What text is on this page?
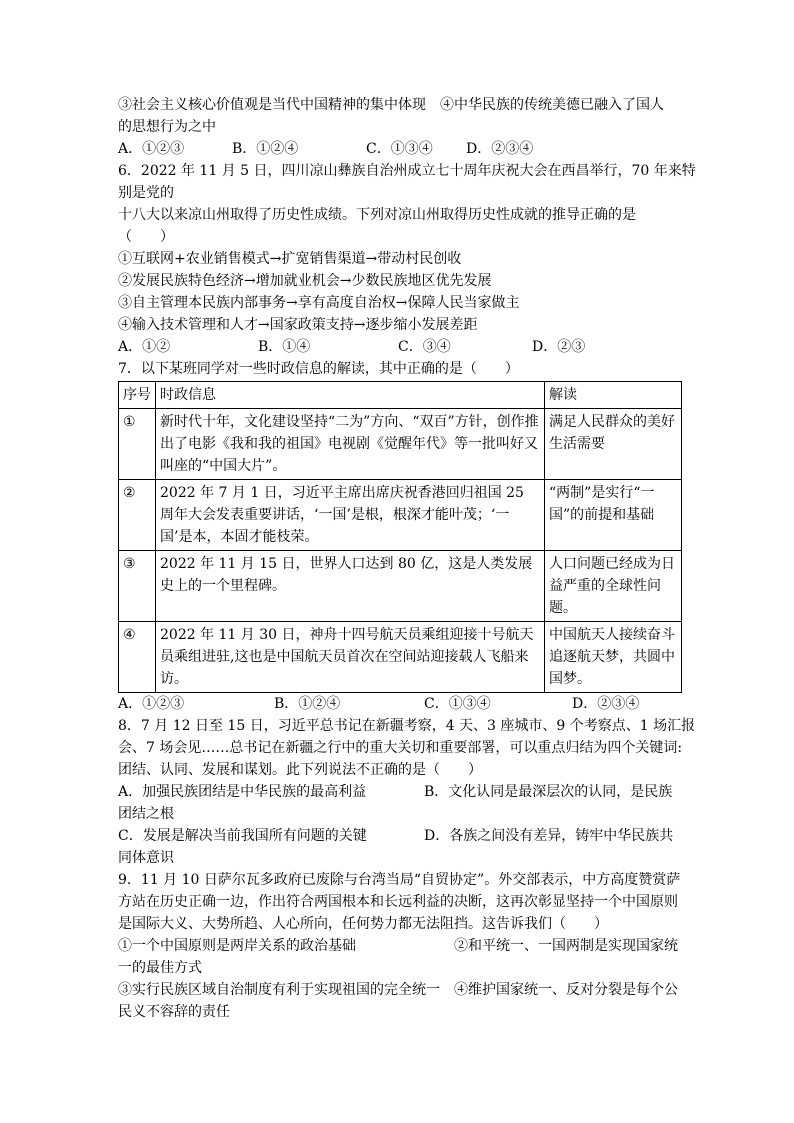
③社会主义核心价值观是当代中国精神的集中体现 ④中华民族的传统美德已融入了国人
的思想行为之中
A．①②③	B．①②④	C．①③④	D．②③④
6．2022 年 11 月 5 日，四川凉山彝族自治州成立七十周年庆祝大会在西昌举行，70 年来特
别是党的
十八大以来凉山州取得了历史性成绩。下列对凉山州取得历史性成就的推导正确的是
（　　）
①互联网+农业销售模式→扩宽销售渠道→带动村民创收
②发展民族特色经济→增加就业机会→少数民族地区优先发展
③自主管理本民族内部事务→享有高度自治权→保障人民当家做主
④输入技术管理和人才→国家政策支持→逐步缩小发展差距
A．①②	B．①④	C．③④	D．②③
7．以下某班同学对一些时政信息的解读，其中正确的是（　　）
序号	时政信息	解读
①	新时代十年，文化建设坚持“二为”方向、“双百”方针，创作推出了电影《我和我的祖国》电视剧《觉醒年代》等一批叫好又叫座的“中国大片”。	满足人民群众的美好生活需要
②	2022 年 7 月 1 日，习近平主席出席庆祝香港回归祖国 25 周年大会发表重要讲话，‘一国’是根，根深才能叶茂；‘一国’是本，本固才能枝荣。	“两制”是实行“一国”的前提和基础
③	2022 年 11 月 15 日，世界人口达到 80 亿，这是人类发展史上的一个里程碑。	人口问题已经成为日益严重的全球性问题。
④	2022 年 11 月 30 日，神舟十四号航天员乘组迎接十号航天员乘组进驻,这也是中国航天员首次在空间站迎接载人飞船来访。	中国航天人接续奋斗追逐航天梦，共圆中国梦。
A．①②③	B．①②④	C．①③④	D．②③④
8．7 月 12 日至 15 日，习近平总书记在新疆考察，4 天、3 座城市、9 个考察点、1 场汇报
会、7 场会见……总书记在新疆之行中的重大关切和重要部署，可以重点归结为四个关键词:
团结、认同、发展和谋划。此下列说法不正确的是（　　）
A．加强民族团结是中华民族的最高利益	B．文化认同是最深层次的认同，是民族
团结之根
C．发展是解决当前我国所有问题的关键	D．各族之间没有差异，铸牢中华民族共
同体意识
9．11 月 10 日萨尔瓦多政府已废除与台湾当局“自贸协定”。外交部表示，中方高度赞赏萨
方站在历史正确一边，作出符合两国根本和长远利益的决断，这再次彰显坚持一个中国原则
是国际大义、大势所趋、人心所向，任何势力都无法阻挡。这告诉我们（　　）
①一个中国原则是两岸关系的政治基础	②和平统一、一国两制是实现国家统
一的最佳方式
③实行民族区域自治制度有利于实现祖国的完全统一	④维护国家统一、反对分裂是每个公
民义不容辞的责任
